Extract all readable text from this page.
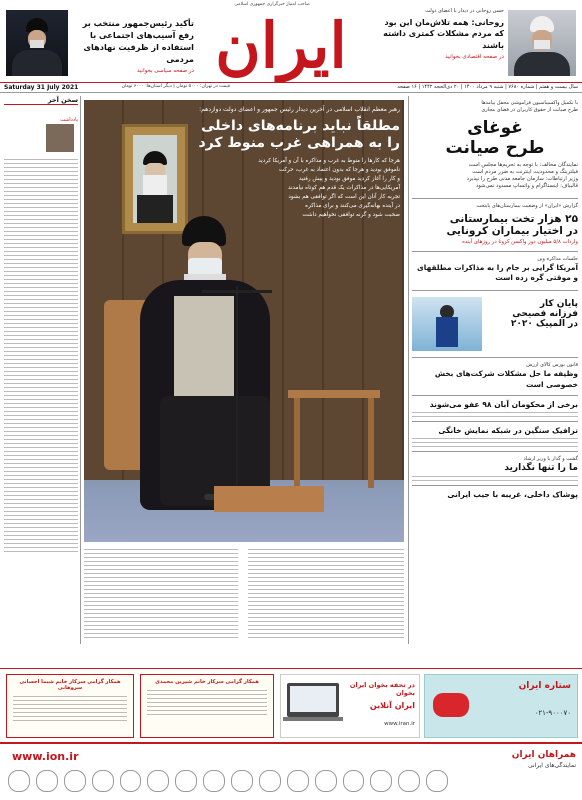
تأکید رئیس‌جمهور منتخب بر رفع آسیب‌های اجتماعی با استفاده از ظرفیت نهادهای مردمی
در صفحه سیاسی بخوانید
صاحب امتیاز خبرگزاری جمهوری اسلامی
ایران	حسن روحانی در دیدار با اعضای دولت
روحانی: همه تلاش‌مان این بود که مردم مشکلات کمتری داشته باشند
در صفحه اقتصادی بخوانید
Saturday 31 July 2021	قیمت در تهران: ۵۰۰۰ تومان | دیگر استان‌ها: ۶۰۰۰ تومان	سال بیست و هفتم | شماره ۷۶۸۰ | شنبه ۹ مرداد ۱۴۰۰ | ۲۰ ذی‌الحجه ۱۴۴۲ | ۱۶ صفحه
سخن آخر
یادداشت
رهبر معظم انقلاب اسلامی در آخرین دیدار رئیس جمهور و اعضای دولت دوازدهم:
مطلقاً نباید برنامه‌های داخلی
را به همراهی غرب منوط کرد
هرجا که کارها را منوط به غرب و مذاکره با آن و آمریکا کردید
ناموفق بودید و هرجا که بدون اعتماد به غرب، حرکت
و کار را آغاز کردید موفق بودید و پیش رفتید
آمریکایی‌ها در مذاکرات یک قدم هم کوتاه نیامدند
تجربه کار آنان این است که اگر توافقی هم بشود
در آینده بهانه‌گیری می‌کنند و برای مذاکره
صحبت شود و گرنه توافقی نخواهیم داشت
با تکمیل واکسیناسیون فراموشی محفل پیامدها
طرح صیانت از حقوق کاربران در فضای مجازی
غوغای
طرح صیانت
نمایندگان مخالف: با توجه به تحریم‌ها مجلس است
فیلترینگ و محدودیت اینترنت به ضرر مردم است
وزیر ارتباطات: سازمان جامعه مدنی طرح را نپذیرد
قالیباف: اینستاگرام و واتساپ مسدود نمی‌شود
گزارش «ایران» از وضعیت بیمارستان‌های پایتخت
۲۵ هزار تخت بیمارستانی
در اختیار بیماران کرونایی
واردات ۵/۸ میلیون دوز واکسن کرونا در روزهای آینده
جلسات مذاکره وین
آمریکا گرایی بر جام را به مذاکرات مطلقهای و موقتی گره زده است
پایان کار
فرزانه فصیحی
در المپیک ۲۰۲۰
قانون بورس کالای ارزش
وظیفه ما حل مشکلات شرکت‌های بخش خصوصی است
برخی از محکومان آبان ۹۸ عفو می‌شوند
ترافیک سنگین در شبکه نمایش خانگی
گشت و گذار با وزیر ارشاد
ما را تنها نگذارید
پوشاک داخلی، غریبه با جیب ایرانی
همکار گرامی سرکار خانم شیما احسانی سروهانی
همکار گرامی سرکار خانم شیرین محمدی	در تحفه بخوان ایران بخوان
ایران آنلاین
www.iran.ir
ستاره ایران
۰۲۱-۹۰۰۰۷۰
www.ion.ir	همراهان ایران
نمایندگی‌های ایرانی
